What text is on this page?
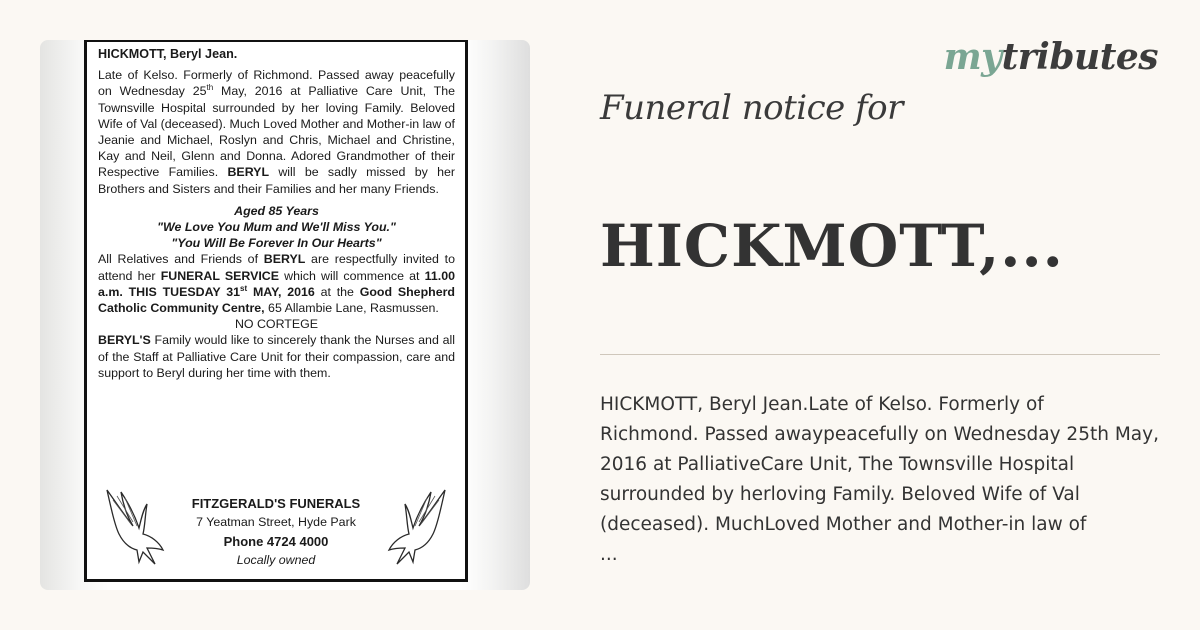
HICKMOTT, Beryl Jean.

Late of Kelso. Formerly of Richmond. Passed away peacefully on Wednesday 25th May, 2016 at Palliative Care Unit, The Townsville Hospital surrounded by her loving Family. Beloved Wife of Val (deceased). Much Loved Mother and Mother-in law of Jeanie and Michael, Roslyn and Chris, Michael and Christine, Kay and Neil, Glenn and Donna. Adored Grandmother of their Respective Families. BERYL will be sadly missed by her Brothers and Sisters and their Families and her many Friends.

Aged 85 Years

"We Love You Mum and We'll Miss You."

"You Will Be Forever In Our Hearts"

All Relatives and Friends of BERYL are respectfully invited to attend her FUNERAL SERVICE which will commence at 11.00 a.m. THIS TUESDAY 31st MAY, 2016 at the Good Shepherd Catholic Community Centre, 65 Allambie Lane, Rasmussen.

NO CORTEGE

BERYL'S Family would like to sincerely thank the Nurses and all of the Staff at Palliative Care Unit for their compassion, care and support to Beryl during her time with them.

FITZGERALD'S FUNERALS
7 Yeatman Street, Hyde Park
Phone 4724 4000
Locally owned
mytributes
Funeral notice for
HICKMOTT,...
HICKMOTT, Beryl Jean.Late of Kelso. Formerly of
Richmond. Passed awaypeacefully on Wednesday 25th May,
2016 at PalliativeCare Unit, The Townsville Hospital
surrounded by herloving Family. Beloved Wife of Val
(deceased). MuchLoved Mother and Mother-in law of
...
